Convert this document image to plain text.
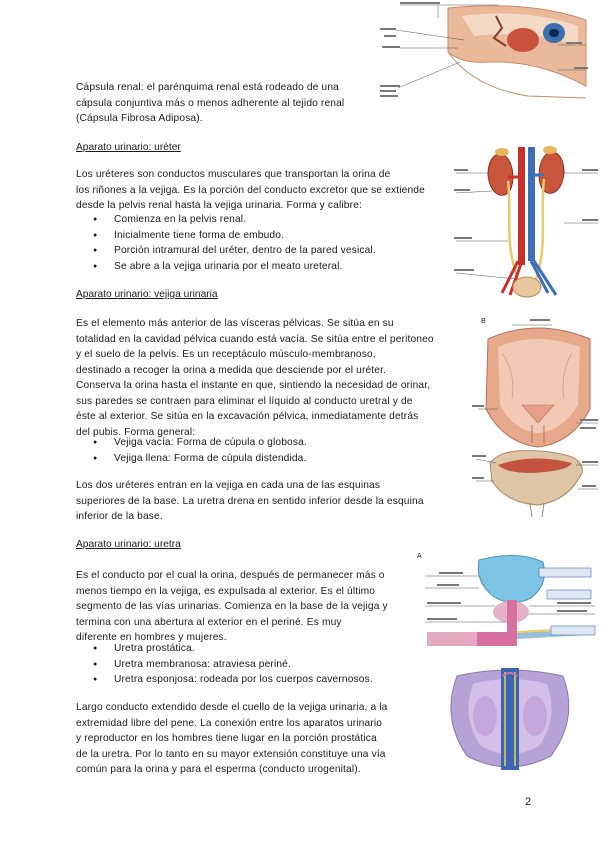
Cápsula renal: el parénquima renal está rodeado de una
cápsula conjuntiva más o menos adherente al tejido renal
(Cápsula Fibrosa Adiposa).
Aparato urinario: uréter
Los uréteres son conductos musculares que transportan la orina de
los riñones a la vejiga. Es la porción del conducto excretor que se extiende
desde la pelvis renal hasta la vejiga urinaria. Forma y calibre:
● Comienza en la pelvis renal.
● Inicialmente tiene forma de embudo.
● Porción intramural del uréter, dentro de la pared vesical.
● Se abre a la vejiga urinaria por el meato ureteral.
Aparato urinario: vejiga urinaria
Es el elemento más anterior de las vísceras pélvicas. Se sitúa en su
totalidad en la cavidad pélvica cuando está vacía. Se sitúa entre el peritoneo
y el suelo de la pelvis. Es un receptáculo músculo-membranoso,
destinado a recoger la orina a medida que desciende por el uréter.
Conserva la orina hasta el instante en que, sintiendo la necesidad de orinar,
sus paredes se contraen para eliminar el líquido al conducto uretral y de
éste al exterior. Se sitúa en la excavación pélvica, inmediatamente detrás
del pubis. Forma general:
● Vejiga vacía: Forma de cúpula o globosa.
● Vejiga llena: Forma de cúpula distendida.
Los dos uréteres entran en la vejiga en cada una de las esquinas
superiores de la base. La uretra drena en sentido inferior desde la esquina
inferior de la base.
Aparato urinario: uretra
Es el conducto por el cual la orina, después de permanecer más o
menos tiempo en la vejiga, es expulsada al exterior. Es el último
segmento de las vías urinarias. Comienza en la base de la vejiga y
termina con una abertura al exterior en el periné. Es muy
diferente en hombres y mujeres.
● Uretra prostática.
● Uretra membranosa: atraviesa periné.
● Uretra esponjosa: rodeada por los cuerpos cavernosos.
Largo conducto extendido desde el cuello de la vejiga urinaria, a la
extremidad libre del pene. La conexión entre los aparatos urinario
y reproductor en los hombres tiene lugar en la porción prostática
de la uretra. Por lo tanto en su mayor extensión constituye una vía
común para la orina y para el esperma (conducto urogenital).
B
A
2
